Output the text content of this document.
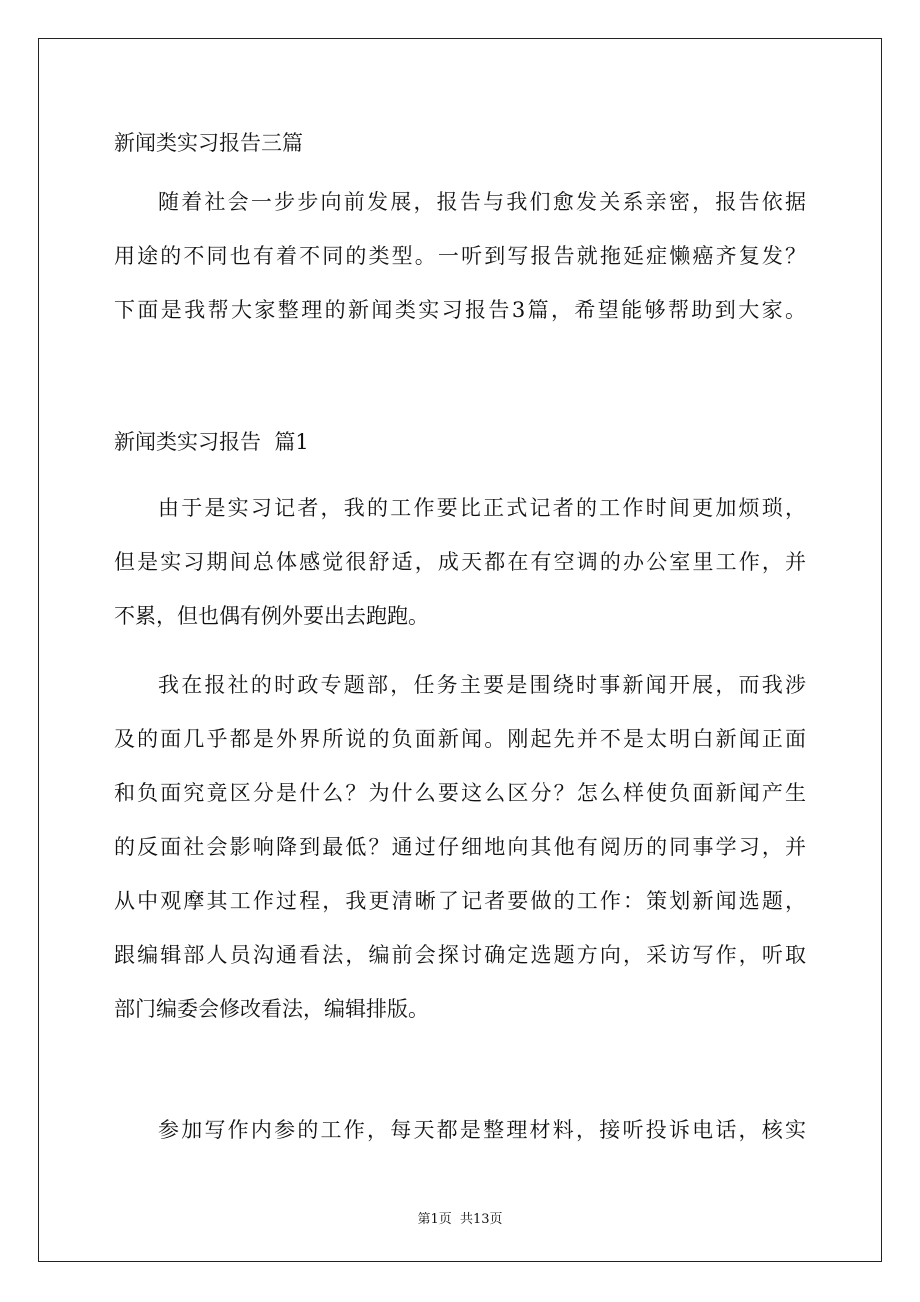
新闻类实习报告三篇
随着社会一步步向前发展，报告与我们愈发关系亲密，报告依据
用途的不同也有着不同的类型。一听到写报告就拖延症懒癌齐复发？
下面是我帮大家整理的新闻类实习报告3篇，希望能够帮助到大家。
新闻类实习报告  篇1
由于是实习记者，我的工作要比正式记者的工作时间更加烦琐，
但是实习期间总体感觉很舒适，成天都在有空调的办公室里工作，并
不累，但也偶有例外要出去跑跑。
我在报社的时政专题部，任务主要是围绕时事新闻开展，而我涉
及的面几乎都是外界所说的负面新闻。刚起先并不是太明白新闻正面
和负面究竟区分是什么？为什么要这么区分？怎么样使负面新闻产生
的反面社会影响降到最低？通过仔细地向其他有阅历的同事学习，并
从中观摩其工作过程，我更清晰了记者要做的工作：策划新闻选题，
跟编辑部人员沟通看法，编前会探讨确定选题方向，采访写作，听取
部门编委会修改看法，编辑排版。
参加写作内参的工作，每天都是整理材料，接听投诉电话，核实
第1页  共13页
